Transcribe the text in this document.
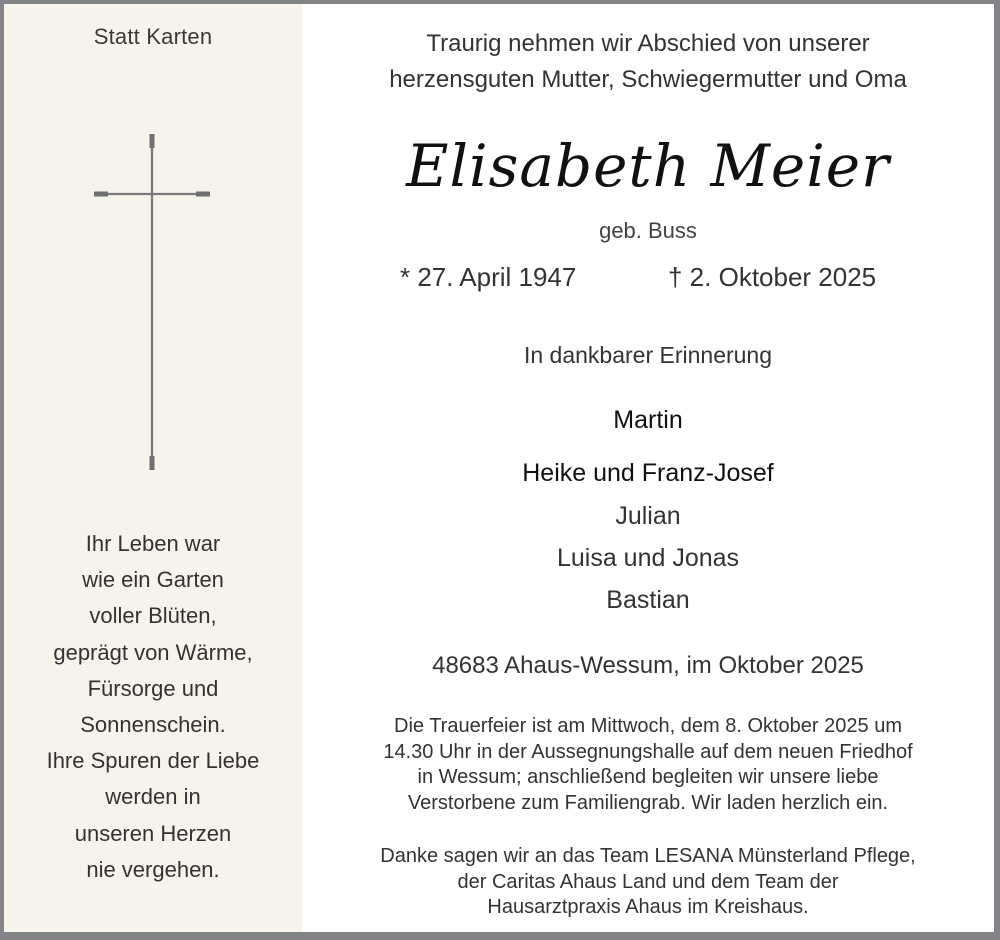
Statt Karten
Ihr Leben war
wie ein Garten
voller Blüten,
geprägt von Wärme,
Fürsorge und
Sonnenschein.
Ihre Spuren der Liebe
werden in
unseren Herzen
nie vergehen.
Traurig nehmen wir Abschied von unserer
herzensguten Mutter, Schwiegermutter und Oma
Elisabeth Meier
geb. Buss
* 27. April 1947	† 2. Oktober 2025
In dankbarer Erinnerung
Martin
Heike und Franz-Josef
Julian
Luisa und Jonas
Bastian
48683 Ahaus-Wessum, im Oktober 2025
Die Trauerfeier ist am Mittwoch, dem 8. Oktober 2025 um
14.30 Uhr in der Aussegnungshalle auf dem neuen Friedhof
in Wessum; anschließend begleiten wir unsere liebe
Verstorbene zum Familiengrab. Wir laden herzlich ein.
Danke sagen wir an das Team LESANA Münsterland Pflege,
der Caritas Ahaus Land und dem Team der
Hausarztpraxis Ahaus im Kreishaus.
